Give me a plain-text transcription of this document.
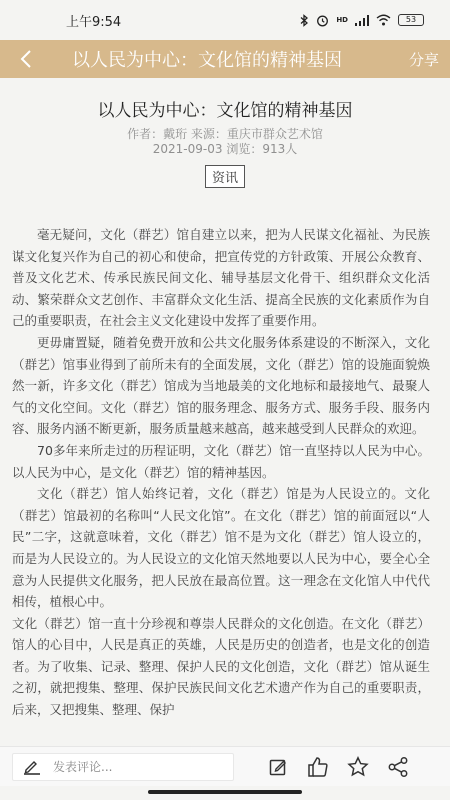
上午9:54	HD	53
以人民为中心：文化馆的精神基因	分享
以人民为中心：文化馆的精神基因
作者：戴珩 来源：重庆市群众艺术馆
2021-09-03 浏览：913人
资讯

毫无疑问，文化（群艺）馆自建立以来，把为人民谋文化福祉、为民族谋文化复兴作为自己的初心和使命，把宣传党的方针政策、开展公众教育、普及文化艺术、传承民族民间文化、辅导基层文化骨干、组织群众文化活动、繁荣群众文艺创作、丰富群众文化生活、提高全民族的文化素质作为自己的重要职责，在社会主义文化建设中发挥了重要作用。

更毋庸置疑，随着免费开放和公共文化服务体系建设的不断深入，文化（群艺）馆事业得到了前所未有的全面发展，文化（群艺）馆的设施面貌焕然一新，许多文化（群艺）馆成为当地最美的文化地标和最接地气、最聚人气的文化空间。文化（群艺）馆的服务理念、服务方式、服务手段、服务内容、服务内涵不断更新，服务质量越来越高，越来越受到人民群众的欢迎。

70多年来所走过的历程证明，文化（群艺）馆一直坚持以人民为中心。以人民为中心，是文化（群艺）馆的精神基因。

文化（群艺）馆人始终记着，文化（群艺）馆是为人民设立的。文化（群艺）馆最初的名称叫“人民文化馆”。在文化（群艺）馆的前面冠以“人民”二字，这就意味着，文化（群艺）馆不是为文化（群艺）馆人设立的，而是为人民设立的。为人民设立的文化馆天然地要以人民为中心，要全心全意为人民提供文化服务，把人民放在最高位置。这一理念在文化馆人中代代相传，植根心中。

文化（群艺）馆一直十分珍视和尊崇人民群众的文化创造。在文化（群艺）馆人的心目中，人民是真正的英雄，人民是历史的创造者，也是文化的创造者。为了收集、记录、整理、保护人民的文化创造，文化（群艺）馆从诞生之初，就把搜集、整理、保护民族民间文化艺术遗产作为自己的重要职责，后来，又把搜集、整理、保护

发表评论...
